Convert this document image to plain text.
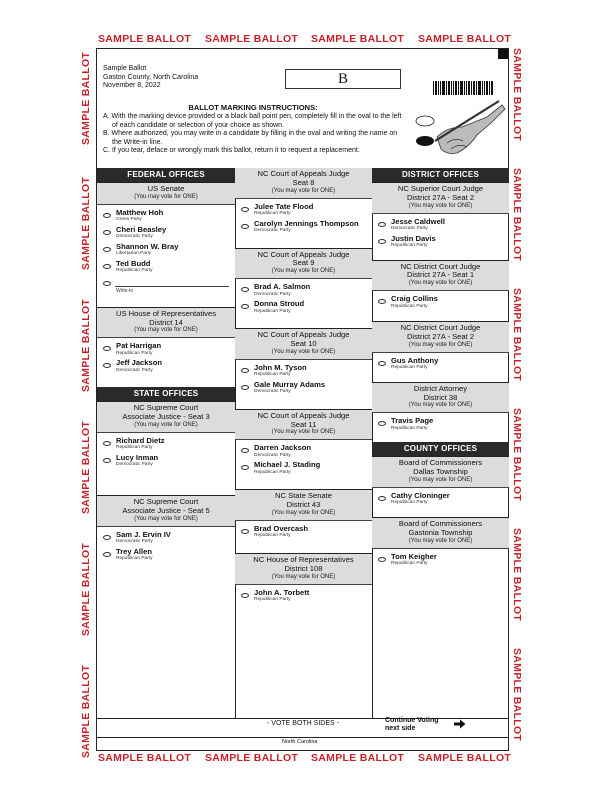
SAMPLE BALLOT SAMPLE BALLOT SAMPLE BALLOT SAMPLE BALLOT
SAMPLE BALLOT SAMPLE BALLOT SAMPLE BALLOT SAMPLE BALLOT
SAMPLE BALLOT
SAMPLE BALLOT
SAMPLE BALLOT
SAMPLE BALLOT
SAMPLE BALLOT
SAMPLE BALLOT
SAMPLE BALLOT
SAMPLE BALLOT
SAMPLE BALLOT
SAMPLE BALLOT
SAMPLE BALLOT
SAMPLE BALLOT
Sample Ballot
Gaston County, North Carolina
November 8, 2022	B
BALLOT MARKING INSTRUCTIONS:
A. With the marking device provided or a black ball point pen, completely fill in the oval to the left of each candidate or selection of your choice as shown.
B. Where authorized, you may write in a candidate by filling in the oval and writing the name on the Write-in line.
C. If you tear, deface or wrongly mark this ballot, return it to request a replacement.
FEDERAL OFFICES
US Senate
(You may vote for ONE)
Matthew Hoh
Green Party
Cheri Beasley
Democratic Party
Shannon W. Bray
Libertarian Party
Ted Budd
Republican Party
Write-in
US House of Representatives
District 14
(You may vote for ONE)
Pat Harrigan
Republican Party
Jeff Jackson
Democratic Party
STATE OFFICES
NC Supreme Court
Associate Justice - Seat 3
(You may vote for ONE)
Richard Dietz
Republican Party
Lucy Inman
Democratic Party
NC Supreme Court
Associate Justice - Seat 5
(You may vote for ONE)
Sam J. Ervin IV
Democratic Party
Trey Allen
Republican Party
NC Court of Appeals Judge
Seat 8
(You may vote for ONE)
Julee Tate Flood
Republican Party
Carolyn Jennings Thompson
Democratic Party
NC Court of Appeals Judge
Seat 9
(You may vote for ONE)
Brad A. Salmon
Democratic Party
Donna Stroud
Republican Party
NC Court of Appeals Judge
Seat 10
(You may vote for ONE)
John M. Tyson
Republican Party
Gale Murray Adams
Democratic Party
NC Court of Appeals Judge
Seat 11
(You may vote for ONE)
Darren Jackson
Democratic Party
Michael J. Stading
Republican Party
NC State Senate
District 43
(You may vote for ONE)
Brad Overcash
Republican Party
NC House of Representatives
District 108
(You may vote for ONE)
John A. Torbett
Republican Party
DISTRICT OFFICES
NC Superior Court Judge
District 27A - Seat 2
(You may vote for ONE)
Jesse Caldwell
Democratic Party
Justin Davis
Republican Party
NC District Court Judge
District 27A - Seat 1
(You may vote for ONE)
Craig Collins
Republican Party
NC District Court Judge
District 27A - Seat 2
(You may vote for ONE)
Gus Anthony
Republican Party
District Attorney
District 38
(You may vote for ONE)
Travis Page
Republican Party
COUNTY OFFICES
Board of Commissioners
Dallas Township
(You may vote for ONE)
Cathy Cloninger
Republican Party
Board of Commissioners
Gastonia Township
(You may vote for ONE)
Tom Keigher
Republican Party
- VOTE BOTH SIDES -	Continue Voting
next side
North Carolina
